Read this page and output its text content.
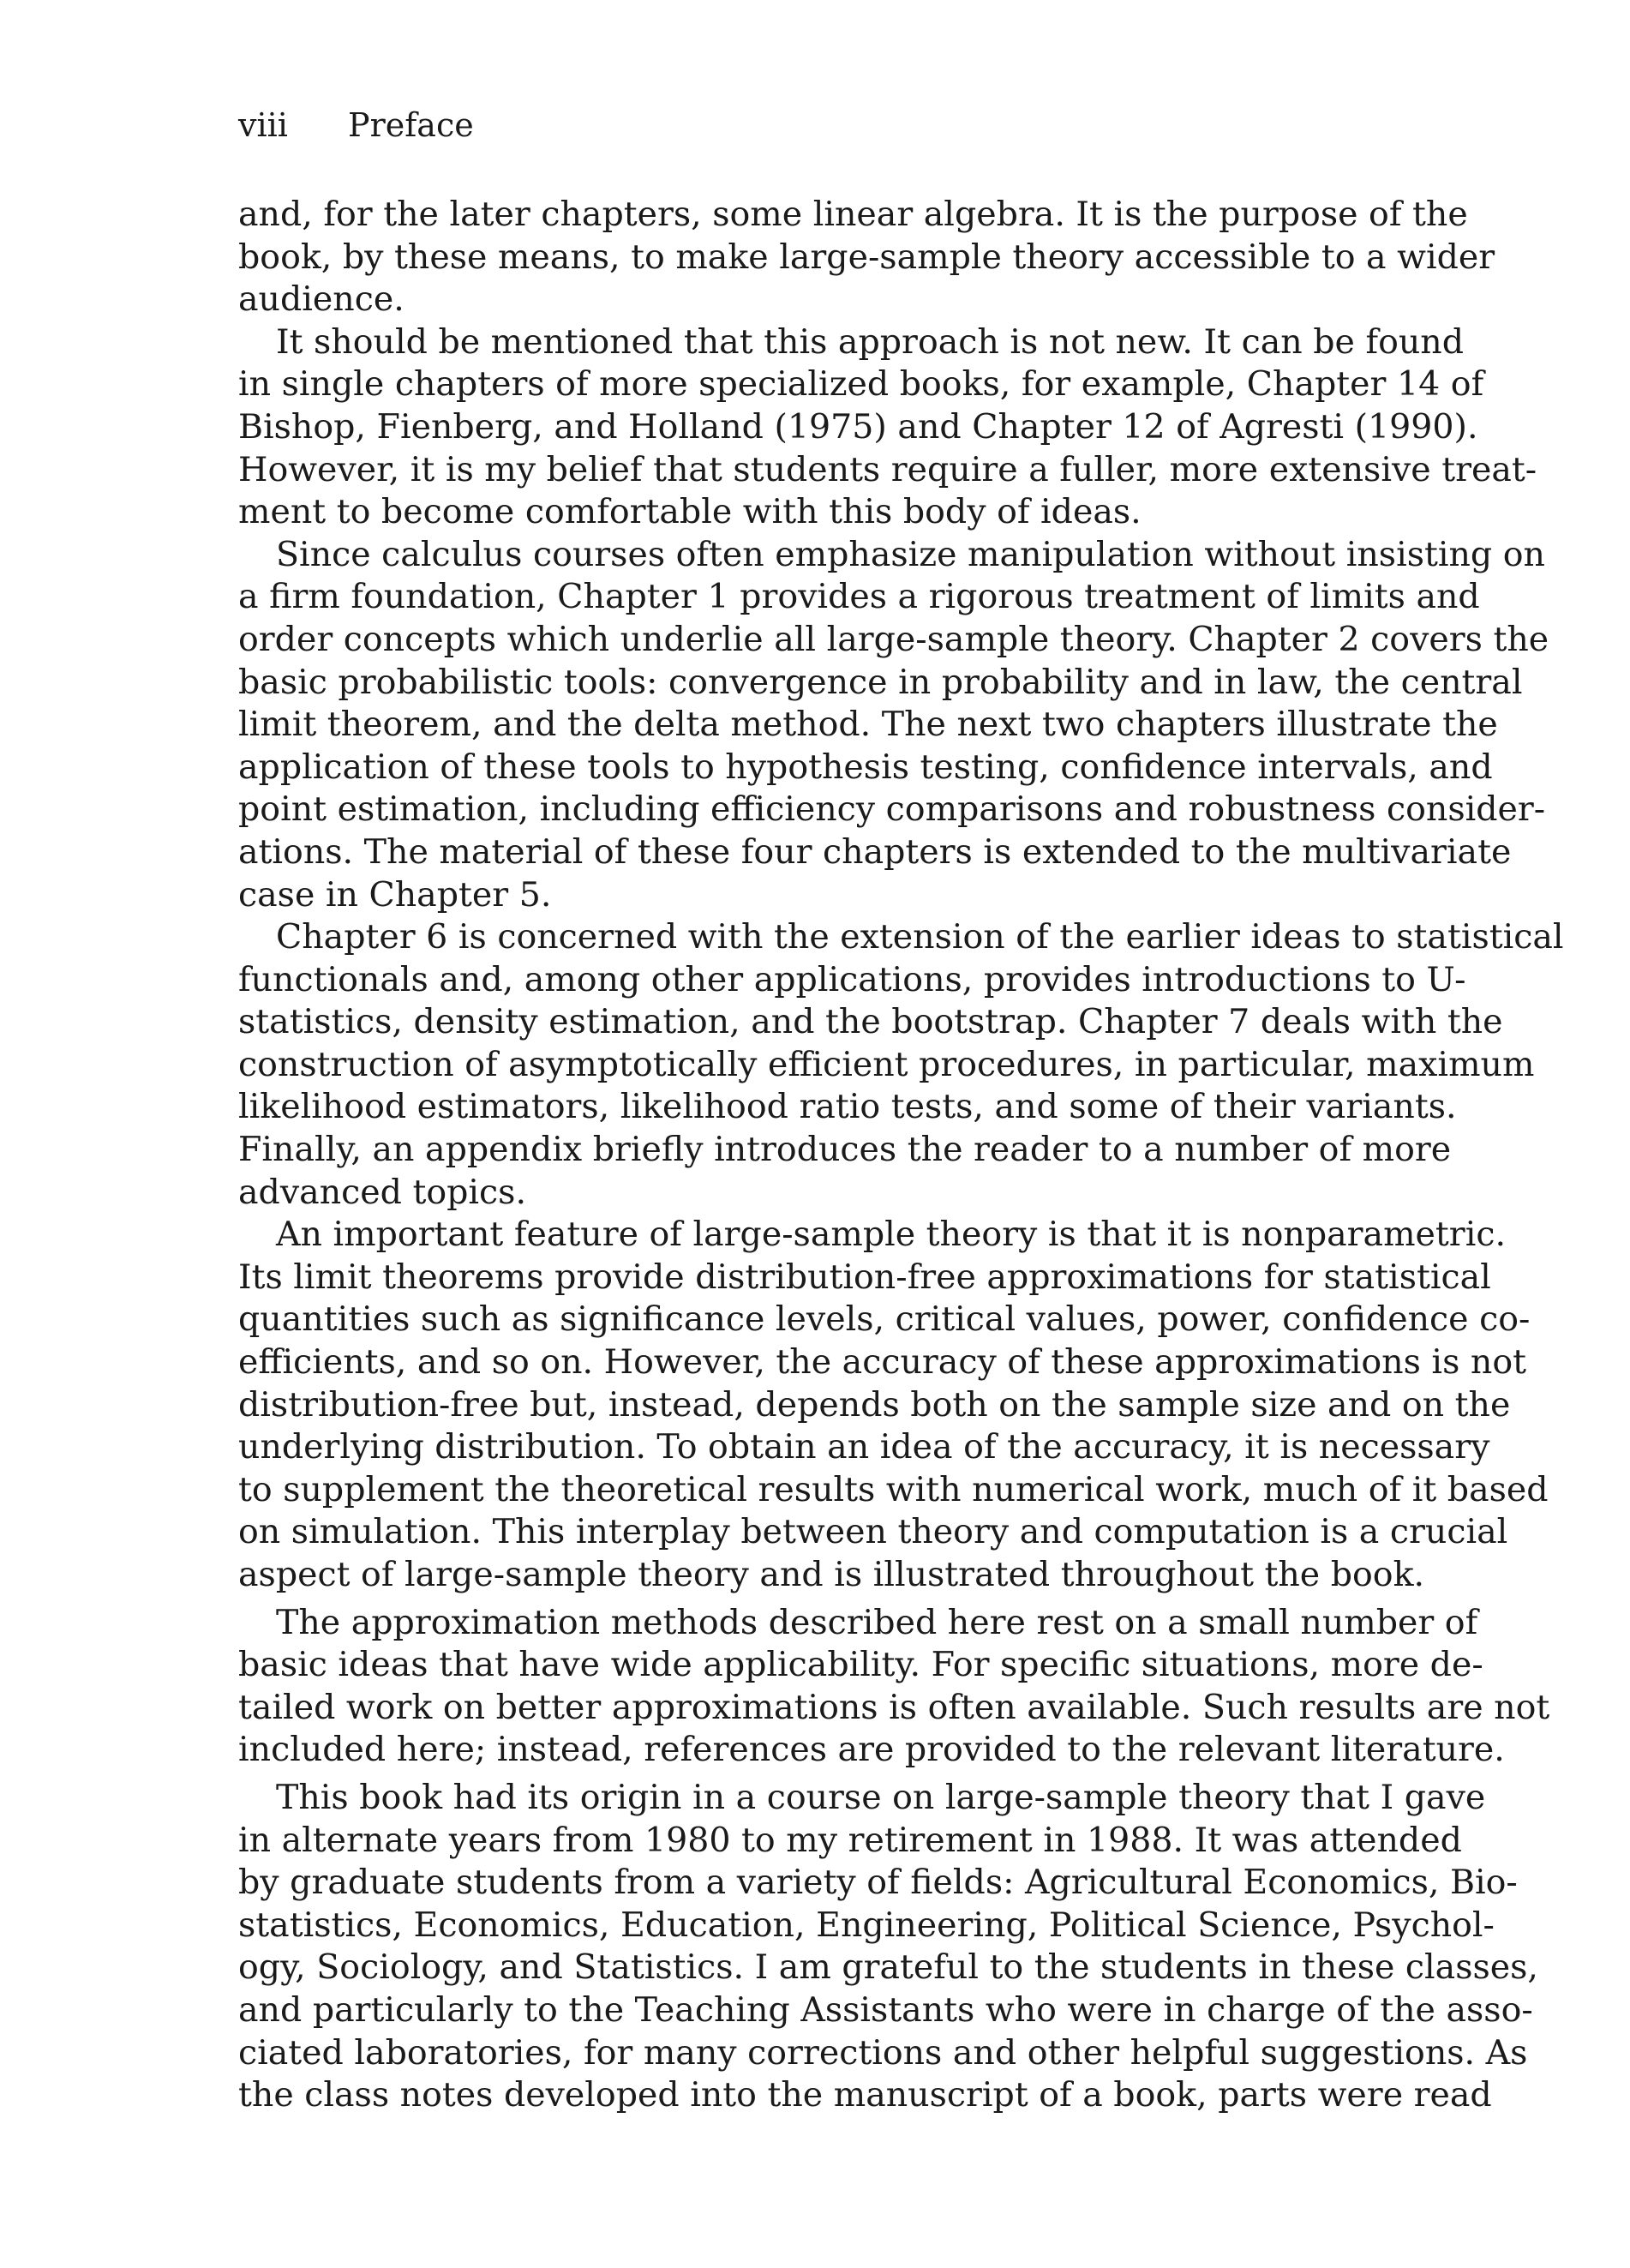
viii Preface
and, for the later chapters, some linear algebra. It is the purpose of the
book, by these means, to make large-sample theory accessible to a wider
audience.
It should be mentioned that this approach is not new. It can be found
in single chapters of more specialized books, for example, Chapter 14 of
Bishop, Fienberg, and Holland (1975) and Chapter 12 of Agresti (1990).
However, it is my belief that students require a fuller, more extensive treat-
ment to become comfortable with this body of ideas.
Since calculus courses often emphasize manipulation without insisting on
a firm foundation, Chapter 1 provides a rigorous treatment of limits and
order concepts which underlie all large-sample theory. Chapter 2 covers the
basic probabilistic tools: convergence in probability and in law, the central
limit theorem, and the delta method. The next two chapters illustrate the
application of these tools to hypothesis testing, confidence intervals, and
point estimation, including efficiency comparisons and robustness consider-
ations. The material of these four chapters is extended to the multivariate
case in Chapter 5.
Chapter 6 is concerned with the extension of the earlier ideas to statistical
functionals and, among other applications, provides introductions to U-
statistics, density estimation, and the bootstrap. Chapter 7 deals with the
construction of asymptotically efficient procedures, in particular, maximum
likelihood estimators, likelihood ratio tests, and some of their variants.
Finally, an appendix briefly introduces the reader to a number of more
advanced topics.
An important feature of large-sample theory is that it is nonparametric.
Its limit theorems provide distribution-free approximations for statistical
quantities such as significance levels, critical values, power, confidence co-
efficients, and so on. However, the accuracy of these approximations is not
distribution-free but, instead, depends both on the sample size and on the
underlying distribution. To obtain an idea of the accuracy, it is necessary
to supplement the theoretical results with numerical work, much of it based
on simulation. This interplay between theory and computation is a crucial
aspect of large-sample theory and is illustrated throughout the book.
The approximation methods described here rest on a small number of
basic ideas that have wide applicability. For specific situations, more de-
tailed work on better approximations is often available. Such results are not
included here; instead, references are provided to the relevant literature.
This book had its origin in a course on large-sample theory that I gave
in alternate years from 1980 to my retirement in 1988. It was attended
by graduate students from a variety of fields: Agricultural Economics, Bio-
statistics, Economics, Education, Engineering, Political Science, Psychol-
ogy, Sociology, and Statistics. I am grateful to the students in these classes,
and particularly to the Teaching Assistants who were in charge of the asso-
ciated laboratories, for many corrections and other helpful suggestions. As
the class notes developed into the manuscript of a book, parts were read
